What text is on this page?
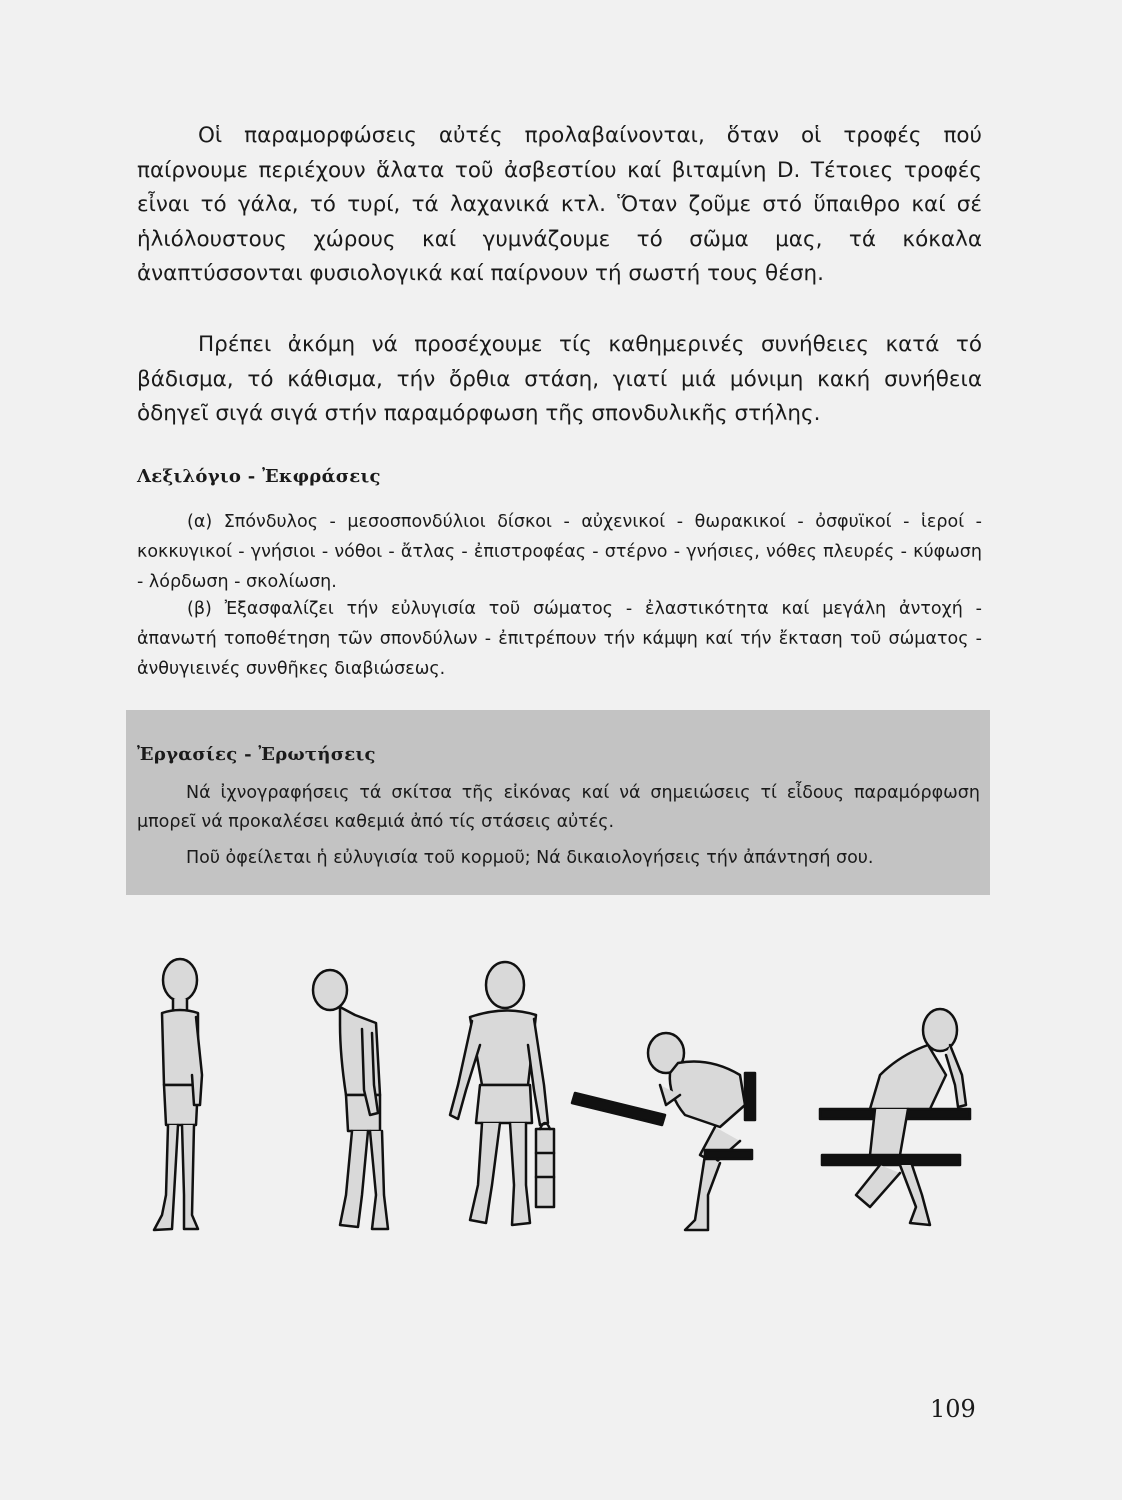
Οἱ παραμορφώσεις αὐτές προλαβαίνονται, ὅταν οἱ τροφές πού παίρνουμε περιέχουν ἅλατα τοῦ ἀσβεστίου καί βιταμίνη D. Τέτοιες τροφές εἶναι τό γάλα, τό τυρί, τά λαχανικά κτλ. Ὅταν ζοῦμε στό ὕπαιθρο καί σέ ἡλιόλουστους χώρους καί γυμνάζουμε τό σῶμα μας, τά κόκαλα ἀναπτύσσονται φυσιολογικά καί παίρνουν τή σωστή τους θέση.

Πρέπει ἀκόμη νά προσέχουμε τίς καθημερινές συνήθειες κατά τό βάδισμα, τό κάθισμα, τήν ὄρθια στάση, γιατί μιά μόνιμη κακή συνήθεια ὁδηγεῖ σιγά σιγά στήν παραμόρφωση τῆς σπονδυλικῆς στήλης.

Λεξιλόγιο - Ἐκφράσεις

(α) Σπόνδυλος - μεσοσπονδύλιοι δίσκοι - αὐχενικοί - θωρακικοί - ὀσφυϊκοί - ἱεροί - κοκκυγικοί - γνήσιοι - νόθοι - ἄτλας - ἐπιστροφέας - στέρνο - γνήσιες, νόθες πλευρές - κύφωση - λόρδωση - σκολίωση.

(β) Ἐξασφαλίζει τήν εὐλυγισία τοῦ σώματος - ἐλαστικότητα καί μεγάλη ἀντοχή - ἀπανωτή τοποθέτηση τῶν σπονδύλων - ἐπιτρέπουν τήν κάμψη καί τήν ἔκταση τοῦ σώματος - ἀνθυγιεινές συνθῆκες διαβιώσεως.

Ἐργασίες - Ἐρωτήσεις

Νά ἰχνογραφήσεις τά σκίτσα τῆς εἰκόνας καί νά σημειώσεις τί εἶδους παραμόρφωση μπορεῖ νά προκαλέσει καθεμιά ἀπό τίς στάσεις αὐτές.

Ποῦ ὀφείλεται ἡ εὐλυγισία τοῦ κορμοῦ; Νά δικαιολογήσεις τήν ἀπάντησή σου.

109
